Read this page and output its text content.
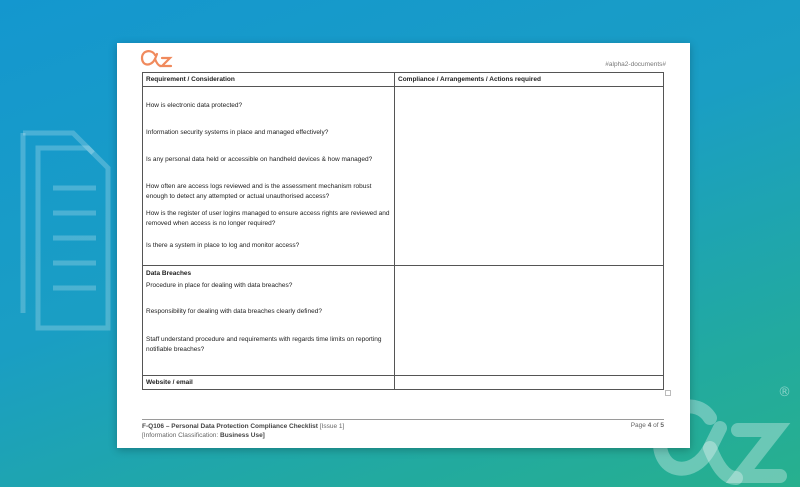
®
#alpha2-documents#
Requirement / Consideration	Compliance / Arrangements / Actions required
How is electronic data protected?
Information security systems in place and managed effectively?
Is any personal data held or accessible on handheld devices & how managed?
How often are access logs reviewed and is the assessment mechanism robust enough to detect any attempted or actual unauthorised access?
How is the register of user logins managed to ensure access rights are reviewed and removed when access is no longer required?
Is there a system in place to log and monitor access?
Data Breaches
Procedure in place for dealing with data breaches?
Responsibility for dealing with data breaches clearly defined?
Staff understand procedure and requirements with regards time limits on reporting notifiable breaches?
Website / email
F-Q106 – Personal Data Protection Compliance Checklist [Issue 1]
[Information Classification: Business Use]
Page 4 of 5
